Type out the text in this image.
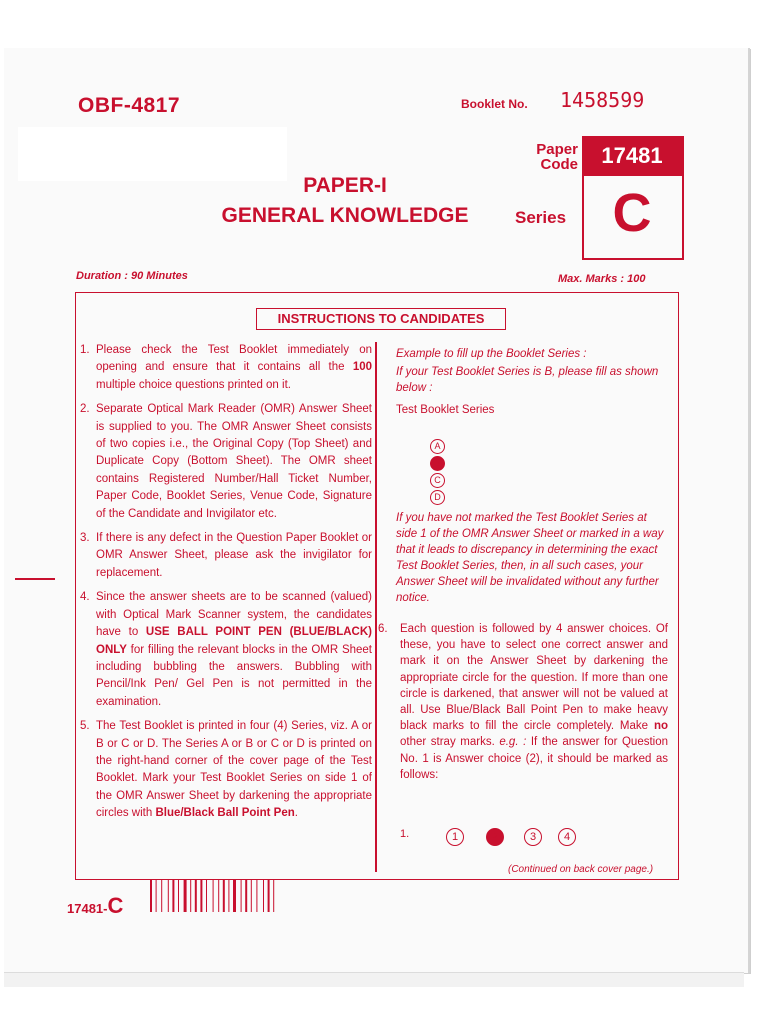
OBF-4817	Booklet No. 1458599
Paper
Code	17481
C
Series
PAPER-I
GENERAL KNOWLEDGE
Duration : 90 Minutes	Max. Marks : 100
INSTRUCTIONS TO CANDIDATES
1. Please check the Test Booklet immediately on opening and ensure that it contains all the 100 multiple choice questions printed on it.
2. Separate Optical Mark Reader (OMR) Answer Sheet is supplied to you. The OMR Answer Sheet consists of two copies i.e., the Original Copy (Top Sheet) and Duplicate Copy (Bottom Sheet). The OMR sheet contains Registered Number/Hall Ticket Number, Paper Code, Booklet Series, Venue Code, Signature of the Candidate and Invigilator etc.
3. If there is any defect in the Question Paper Booklet or OMR Answer Sheet, please ask the invigilator for replacement.
4. Since the answer sheets are to be scanned (valued) with Optical Mark Scanner system, the candidates have to USE BALL POINT PEN (BLUE/BLACK) ONLY for filling the relevant blocks in the OMR Sheet including bubbling the answers. Bubbling with Pencil/Ink Pen/ Gel Pen is not permitted in the examination.
5. The Test Booklet is printed in four (4) Series, viz. A or B or C or D. The Series A or B or C or D is printed on the right-hand corner of the cover page of the Test Booklet. Mark your Test Booklet Series on side 1 of the OMR Answer Sheet by darkening the appropriate circles with Blue/Black Ball Point Pen.
Example to fill up the Booklet Series :
If your Test Booklet Series is B, please fill as shown below :
Test Booklet Series
A
B
C
D
If you have not marked the Test Booklet Series at side 1 of the OMR Answer Sheet or marked in a way that it leads to discrepancy in determining the exact Test Booklet Series, then, in all such cases, your Answer Sheet will be invalidated without any further notice.
6.	Each question is followed by 4 answer choices. Of these, you have to select one correct answer and mark it on the Answer Sheet by darkening the appropriate circle for the question. If more than one circle is darkened, that answer will not be valued at all. Use Blue/Black Ball Point Pen to make heavy black marks to fill the circle completely. Make no other stray marks. e.g. : If the answer for Question No. 1 is Answer choice (2), it should be marked as follows:
1.	1	2	3	4
(Continued on back cover page.)
17481-C
